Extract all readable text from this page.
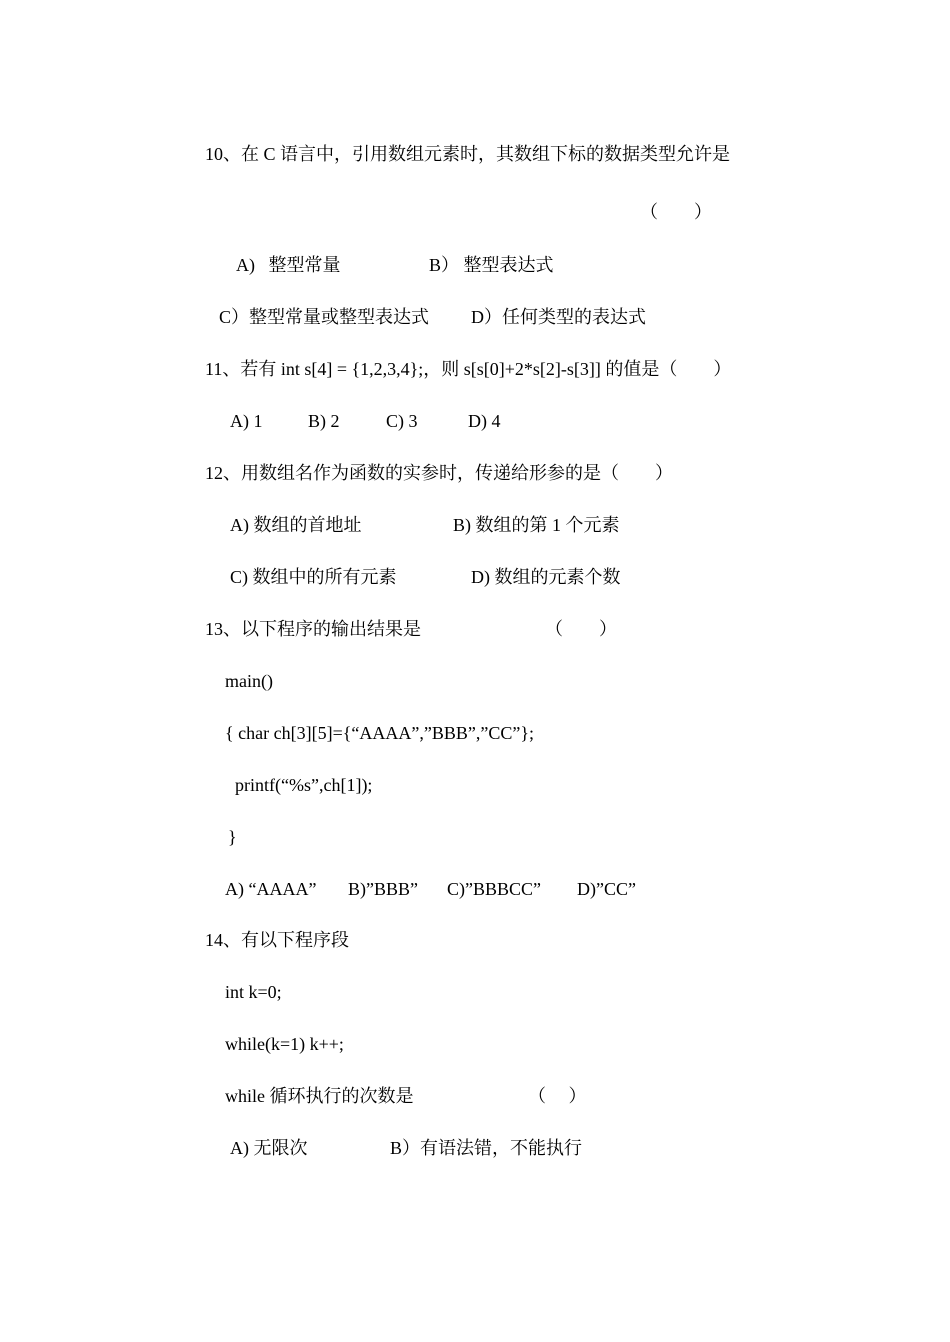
10、在 C 语言中，引用数组元素时，其数组下标的数据类型允许是
（　　）
A)   整型常量	B） 整型表达式
C）整型常量或整型表达式 D）任何类型的表达式
11、若有 int s[4] = {1,2,3,4};，则 s[s[0]+2*s[2]-s[3]] 的值是（　　）
A) 1	B) 2	C) 3	D) 4
12、用数组名作为函数的实参时，传递给形参的是（　　）
A) 数组的首地址	B) 数组的第 1 个元素
C) 数组中的所有元素	D) 数组的元素个数
13、以下程序的输出结果是	（　　）
main()
{ char ch[3][5]={“AAAA”,”BBB”,”CC”};
printf(“%s”,ch[1]);
}
A) “AAAA” B)”BBB” C)”BBBCC” D)”CC”
14、有以下程序段
int k=0;
while(k=1) k++;
while 循环执行的次数是	（　 ）
A) 无限次	B）有语法错，不能执行
